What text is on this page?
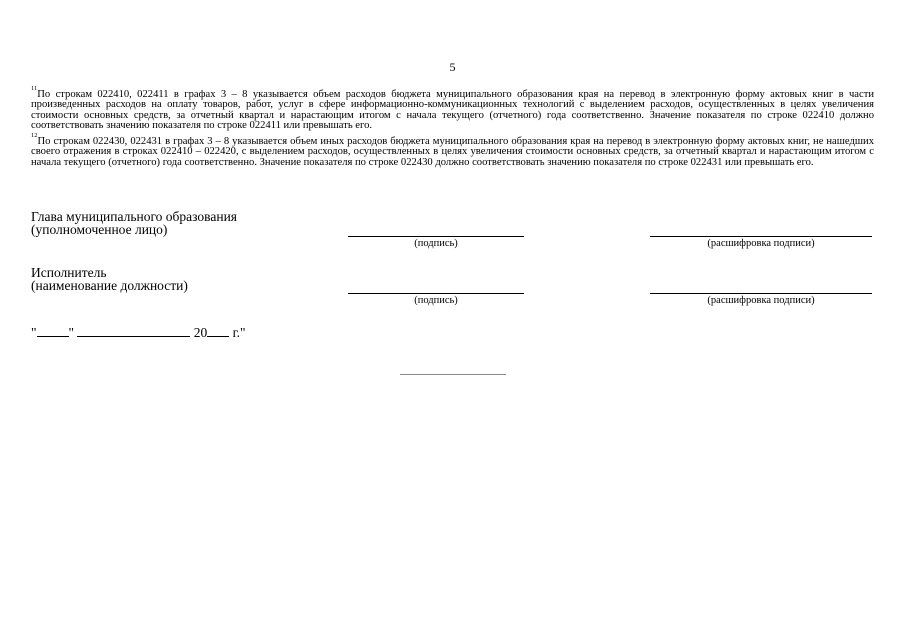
5
$^{11}$По строкам 022410, 022411 в графах 3 – 8 указывается объем расходов бюджета муниципального образования края на перевод в электронную форму актовых книг в части произведенных расходов на оплату товаров, работ, услуг в сфере информационно-коммуникационных технологий с выделением расходов, осуществленных в целях увеличения стоимости основных средств, за отчетный квартал и нарастающим итогом с начала текущего (отчетного) года соответственно. Значение показателя по строке 022410 должно соответствовать значению показателя по строке 022411 или превышать его.
$^{12}$По строкам 022430, 022431 в графах 3 – 8 указывается объем иных расходов бюджета муниципального образования края на перевод в электронную форму актовых книг, не нашедших своего отражения в строках 022410 – 022420, с выделением расходов, осуществленных в целях увеличения стоимости основных средств, за отчетный квартал и нарастающим итогом с начала текущего (отчетного) года соответственно. Значение показателя по строке 022430 должно соответствовать значению показателя по строке 022431 или превышать его.
Глава муниципального образования
(уполномоченное лицо)
(подпись)	(расшифровка подписи)
Исполнитель
(наименование должности)
(подпись)	(расшифровка подписи)
" "	20 г."
